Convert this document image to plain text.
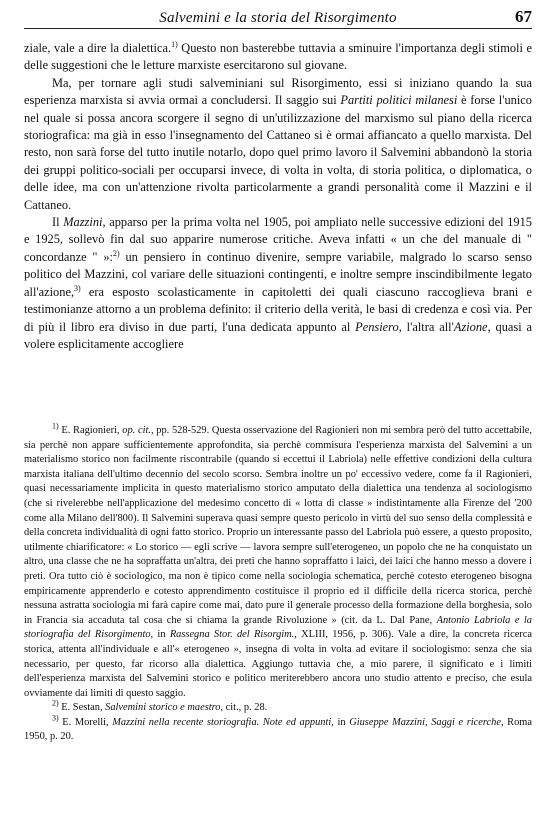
Salvemini e la storia del Risorgimento	67

ziale, vale a dire la dialettica.$^{1)}$ Questo non basterebbe tuttavia a sminuire l'importanza degli stimoli e delle suggestioni che le letture marxiste esercitarono sul giovane.

Ma, per tornare agli studi salveminiani sul Risorgimento, essi si iniziano quando la sua esperienza marxista si avvia ormai a concludersi. Il saggio sui Partiti politici milanesi è forse l'unico nel quale si possa ancora scorgere il segno di un'utilizzazione del marxismo sul piano della ricerca storiografica: ma già in esso l'insegnamento del Cattaneo si è ormai affiancato a quello marxista. Del resto, non sarà forse del tutto inutile notarlo, dopo quel primo lavoro il Salvemini abbandonò la storia dei gruppi politico-sociali per occuparsi invece, di volta in volta, di storia politica, o diplomatica, o delle idee, ma con un'attenzione rivolta particolarmente a grandi personalità come il Mazzini e il Cattaneo.

Il Mazzini, apparso per la prima volta nel 1905, poi ampliato nelle successive edizioni del 1915 e 1925, sollevò fin dal suo apparire numerose critiche. Aveva infatti « un che del manuale di " concordanze " »:$^{2)}$ un pensiero in continuo divenire, sempre variabile, malgrado lo scarso senso politico del Mazzini, col variare delle situazioni contingenti, e inoltre sempre inscindibilmente legato all'azione,$^{3)}$ era esposto scolasticamente in capitoletti dei quali ciascuno raccoglieva brani e testimonianze attorno a un problema definito: il criterio della verità, le basi di credenza e così via. Per di più il libro era diviso in due parti, l'una dedicata appunto al Pensiero, l'altra all'Azione, quasi a volere esplicitamente accogliere

$^{1)}$ E. Ragionieri, op. cit., pp. 528-529. Questa osservazione del Ragionieri non mi sembra però del tutto accettabile, sia perchè non appare sufficientemente approfondita, sia perchè commisura l'esperienza marxista del Salvemini a un materialismo storico non facilmente riscontrabile (quando si eccettui il Labriola) nelle effettive condizioni della cultura marxista italiana dell'ultimo decennio del secolo scorso. Sembra inoltre un po' eccessivo vedere, come fa il Ragionieri, quasi necessariamente implicita in questo materialismo storico amputato della dialettica una tendenza al sociologismo (che si rivelerebbe nell'applicazione del medesimo concetto di « lotta di classe » indistintamente alla Firenze del '200 come alla Milano dell'800). Il Salvemini superava quasi sempre questo pericolo in virtù del suo senso della complessità e della concreta individualità di ogni fatto storico. Proprio un interessante passo del Labriola può essere, a questo proposito, utilmente chiarificatore: « Lo storico — egli scrive — lavora sempre sull'eterogeneo, un popolo che ne ha conquistato un altro, una classe che ne ha sopraffatta un'altra, dei preti che hanno sopraffatto i laici, dei laici che hanno messo a dovere i preti. Ora tutto ciò è sociologico, ma non è tipico come nella sociologia schematica, perchè cotesto eterogeneo bisogna empiricamente apprenderlo e cotesto apprendimento costituisce il proprio ed il difficile della ricerca storica, perchè nessuna astratta sociologia mi farà capire come mai, dato pure il generale processo della formazione della borghesia, solo in Francia sia accaduta tal cosa che si chiama la grande Rivoluzione » (cit. da L. Dal Pane, Antonio Labriola e la storiografia del Risorgimento, in Rassegna Stor. del Risorgim., XLIII, 1956, p. 306). Vale a dire, la concreta ricerca storica, attenta all'individuale e all'« eterogeneo », insegna di volta in volta ad evitare il sociologismo: senza che sia necessario, per questo, far ricorso alla dialettica. Aggiungo tuttavia che, a mio parere, il significato e i limiti dell'esperienza marxista del Salvemini storico e politico meriterebbero ancora uno studio attento e preciso, che esula ovviamente dai limiti di questo saggio.

$^{2)}$ E. Sestan, Salvemini storico e maestro, cit., p. 28.

$^{3)}$ E. Morelli, Mazzini nella recente storiografia. Note ed appunti, in Giuseppe Mazzini, Saggi e ricerche, Roma 1950, p. 20.
